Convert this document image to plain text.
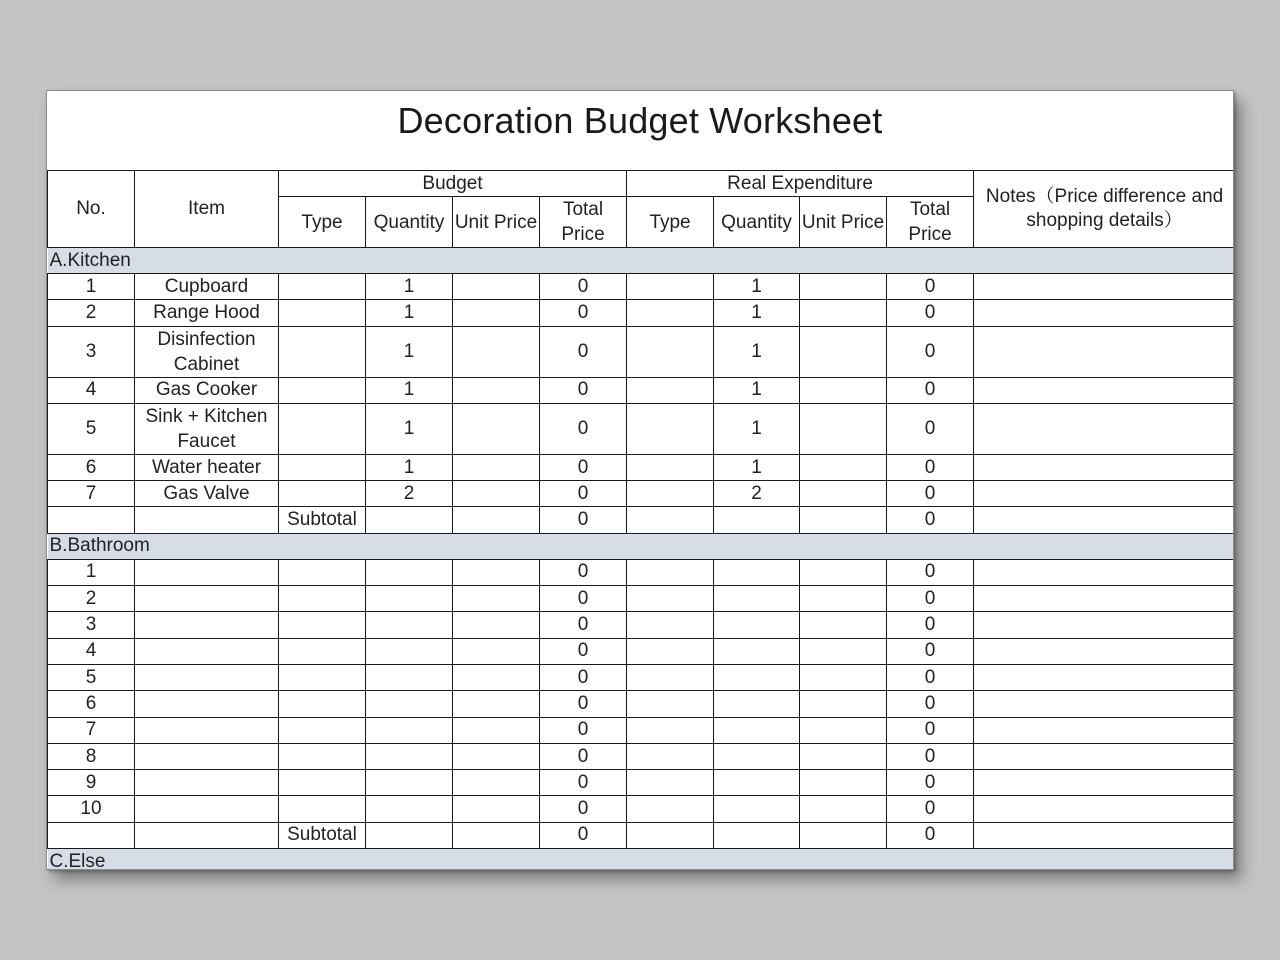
Decoration Budget Worksheet
No.	Item	Budget				Real Expenditure				Notes（Price difference and shopping details）
		Type	Quantity	Unit Price	Total Price	Type	Quantity	Unit Price	Total Price	
A.Kitchen										
1	Cupboard		1		0		1		0	
2	Range Hood		1		0		1		0	
3	Disinfection Cabinet		1		0		1		0	
4	Gas Cooker		1		0		1		0	
5	Sink + Kitchen Faucet		1		0		1		0	
6	Water heater		1		0		1		0	
7	Gas Valve		2		0		2		0	
		Subtotal			0				0	
B.Bathroom										
1					0				0	
2					0				0	
3					0				0	
4					0				0	
5					0				0	
6					0				0	
7					0				0	
8					0				0	
9					0				0	
10					0				0	
		Subtotal			0				0	
C.Else										
